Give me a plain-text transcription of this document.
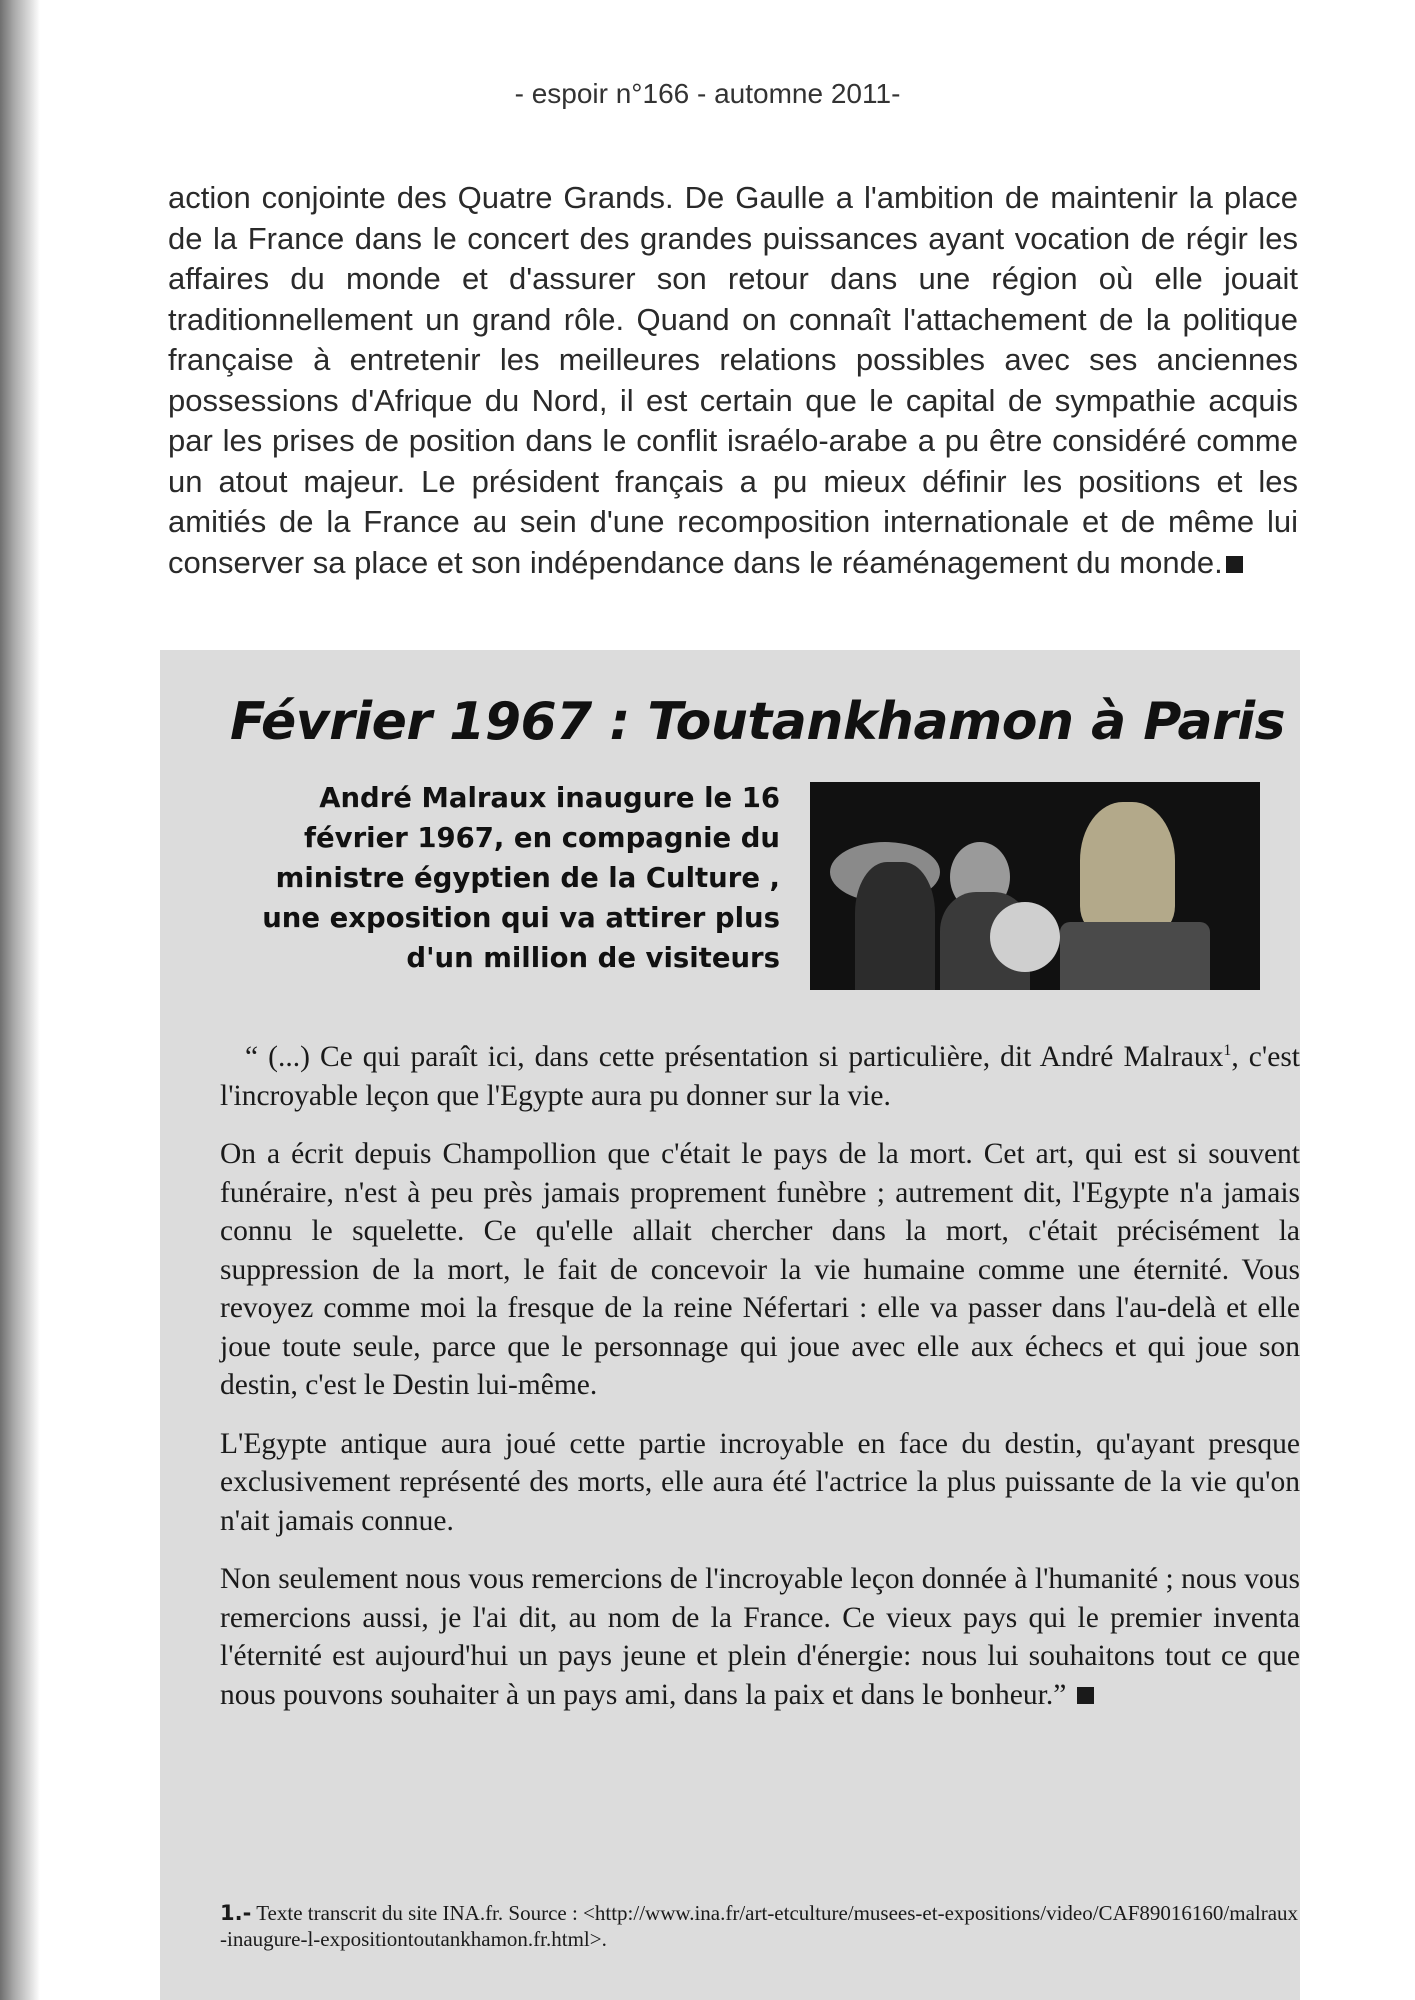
- espoir n°166 - automne 2011-

action conjointe des Quatre Grands. De Gaulle a l'ambition de maintenir la place de la France dans le concert des grandes puissances ayant vocation de régir les affaires du monde et d'assurer son retour dans une région où elle jouait traditionnellement un grand rôle. Quand on connaît l'attachement de la politique française à entretenir les meilleures relations possibles avec ses anciennes possessions d'Afrique du Nord, il est certain que le capital de sympathie acquis par les prises de position dans le conflit israélo-arabe a pu être considéré comme un atout majeur. Le président français a pu mieux définir les positions et les amitiés de la France au sein d'une recomposition internationale et de même lui conserver sa place et son indépendance dans le réaménagement du monde.

Février 1967 : Toutankhamon à Paris

André Malraux inaugure le 16 février 1967, en compagnie du ministre égyptien de la Culture , une exposition qui va attirer plus d'un million de visiteurs

“ (...) Ce qui paraît ici, dans cette présentation si particulière, dit André Malraux$^1$, c'est l'incroyable leçon que l'Egypte aura pu donner sur la vie.

On a écrit depuis Champollion que c'était le pays de la mort. Cet art, qui est si souvent funéraire, n'est à peu près jamais proprement funèbre ; autrement dit, l'Egypte n'a jamais connu le squelette. Ce qu'elle allait chercher dans la mort, c'était précisément la suppression de la mort, le fait de concevoir la vie humaine comme une éternité. Vous revoyez comme moi la fresque de la reine Néfertari : elle va passer dans l'au-delà et elle joue toute seule, parce que le personnage qui joue avec elle aux échecs et qui joue son destin, c'est le Destin lui-même.

L'Egypte antique aura joué cette partie incroyable en face du destin, qu'ayant presque exclusivement représenté des morts, elle aura été l'actrice la plus puissante de la vie qu'on n'ait jamais connue.

Non seulement nous vous remercions de l'incroyable leçon donnée à l'humanité ; nous vous remercions aussi, je l'ai dit, au nom de la France. Ce vieux pays qui le premier inventa l'éternité est aujourd'hui un pays jeune et plein d'énergie: nous lui souhaitons tout ce que nous pouvons souhaiter à un pays ami, dans la paix et dans le bonheur.”

1.- Texte transcrit du site INA.fr. Source : <http://www.ina.fr/art-etculture/musees-et-expositions/video/CAF89016160/malraux-inaugure-l-expositiontoutankhamon.fr.html>.
